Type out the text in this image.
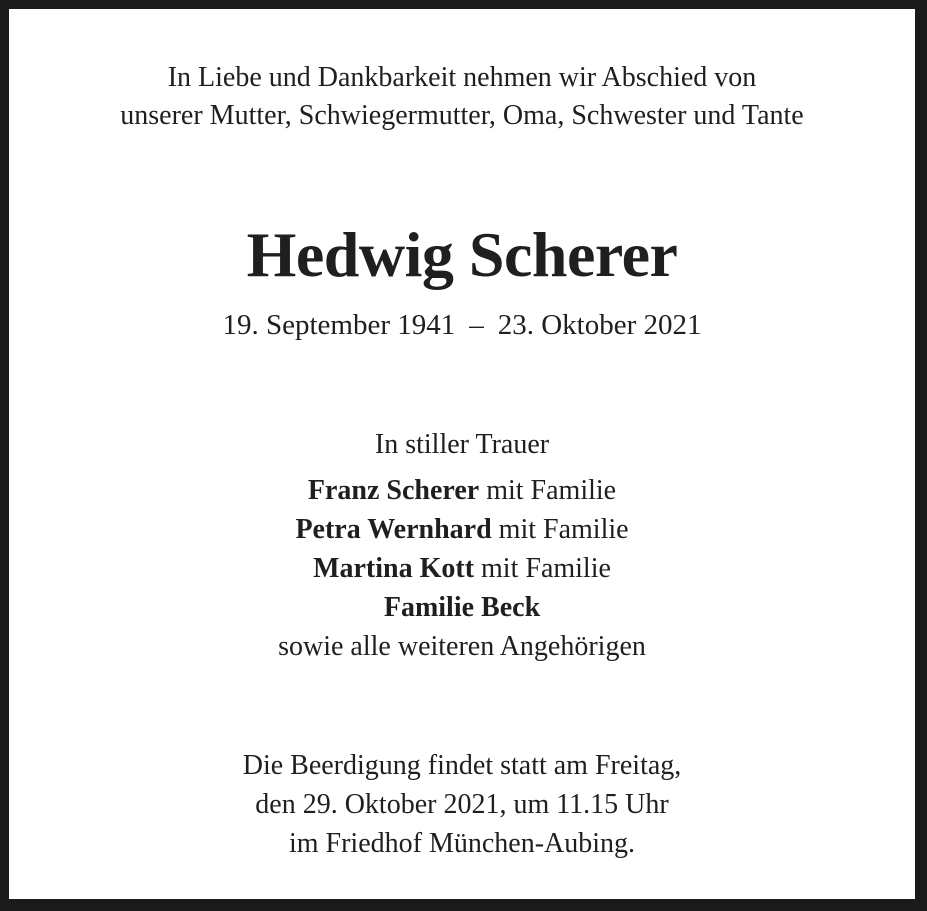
In Liebe und Dankbarkeit nehmen wir Abschied von
unserer Mutter, Schwiegermutter, Oma, Schwester und Tante
Hedwig Scherer
19. September 1941 – 23. Oktober 2021
In stiller Trauer
Franz Scherer mit Familie
Petra Wernhard mit Familie
Martina Kott mit Familie
Familie Beck
sowie alle weiteren Angehörigen
Die Beerdigung findet statt am Freitag,
den 29. Oktober 2021, um 11.15 Uhr
im Friedhof München-Aubing.
